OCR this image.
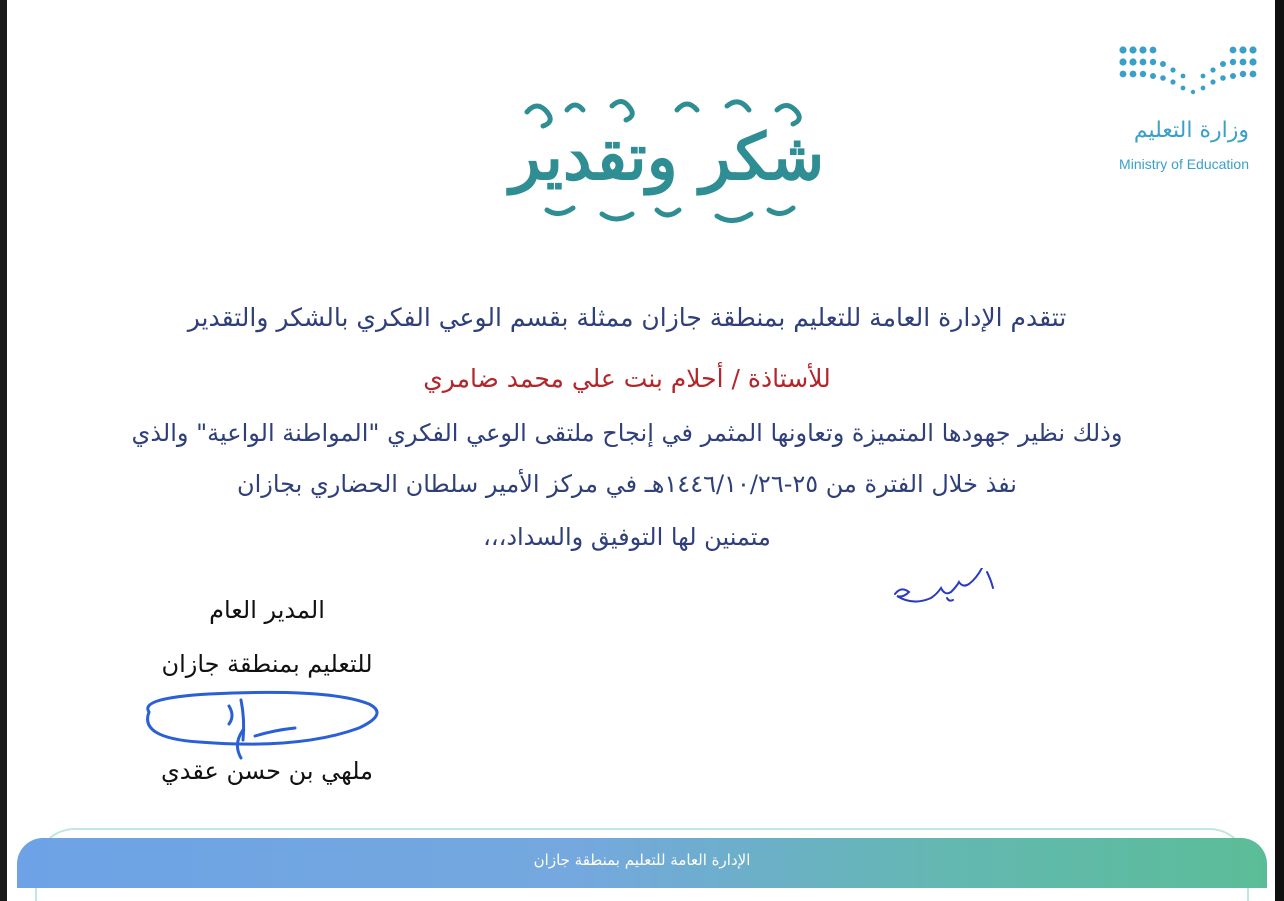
وزارة التعليم
Ministry of Education
شكر وتقدير
تتقدم الإدارة العامة للتعليم بمنطقة جازان ممثلة بقسم الوعي الفكري بالشكر والتقدير
للأستاذة / أحلام بنت علي محمد ضامري
وذلك نظير جهودها المتميزة وتعاونها المثمر في إنجاح ملتقى الوعي الفكري "المواطنة الواعية" والذي
نفذ خلال الفترة من ٢٥-١٤٤٦/١٠/٢٦هـ في مركز الأمير سلطان الحضاري بجازان
متمنين لها التوفيق والسداد،،،
المدير العام
للتعليم بمنطقة جازان
ملهي بن حسن عقدي
الإدارة العامة للتعليم بمنطقة جازان
